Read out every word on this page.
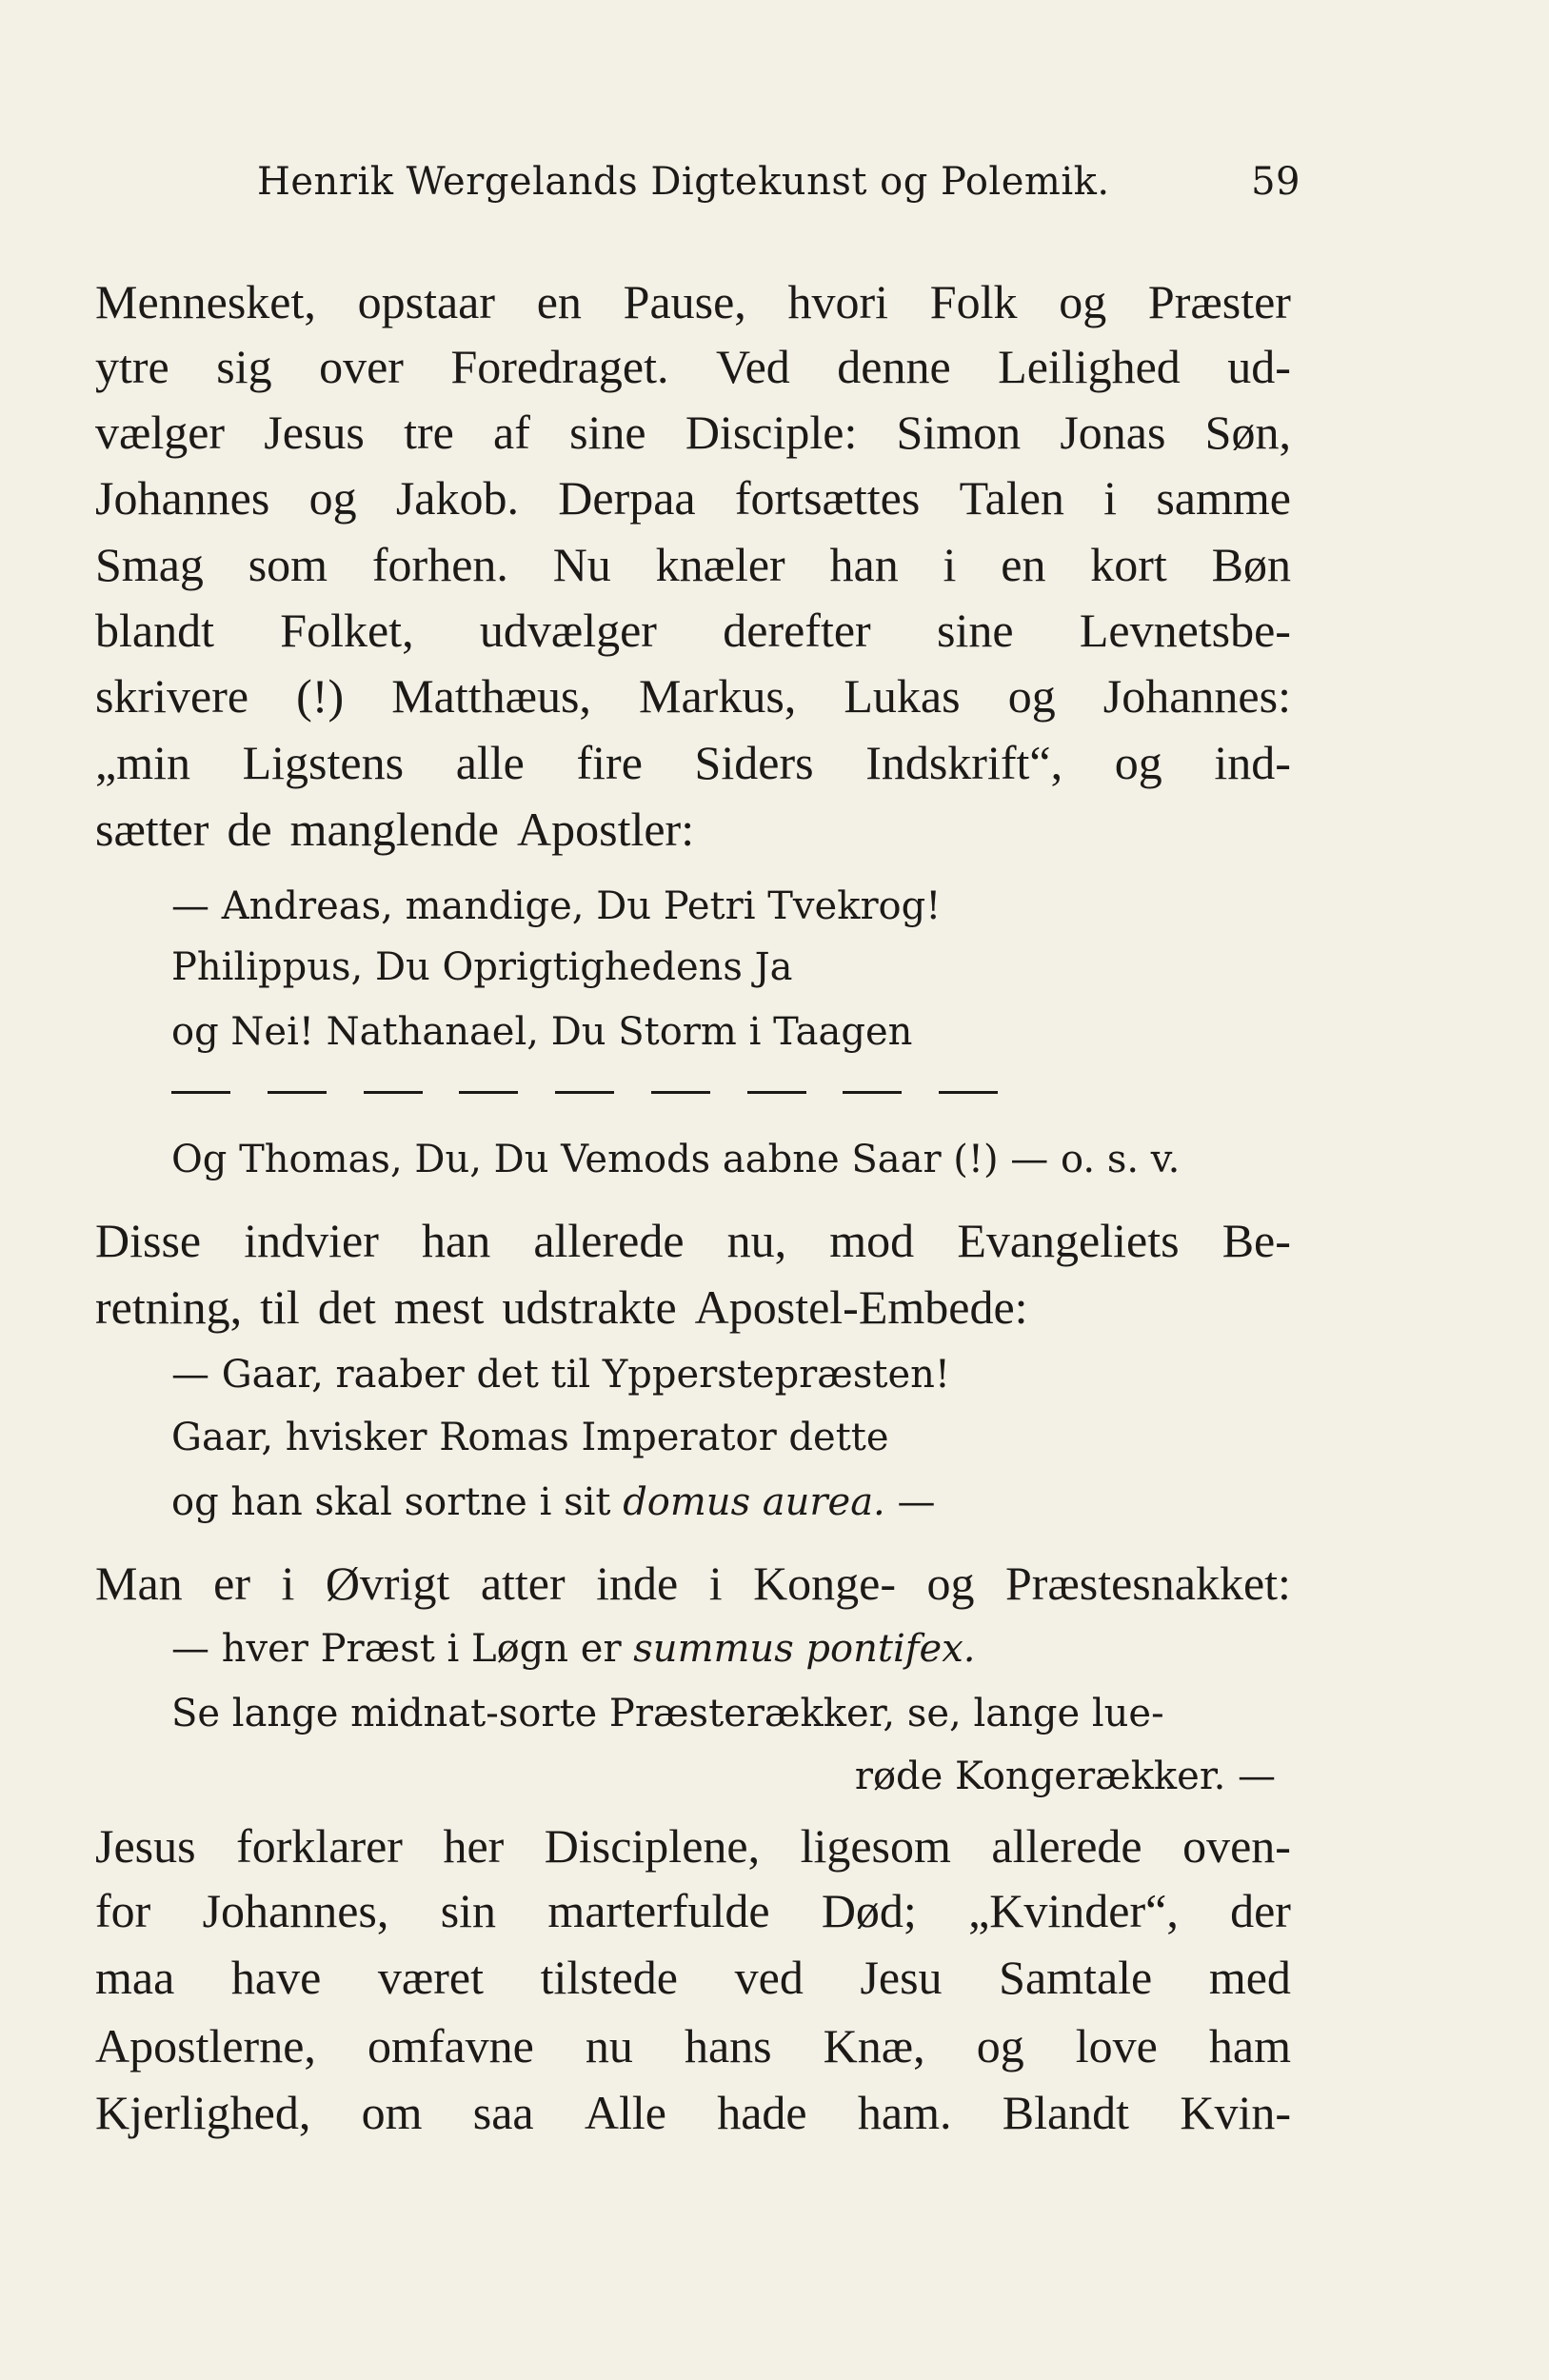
Henrik Wergelands Digtekunst og Polemik.	59
Mennesket, opstaar en Pause, hvori Folk og Præster
ytre sig over Foredraget. Ved denne Leilighed ud-
vælger Jesus tre af sine Disciple: Simon Jonas Søn,
Johannes og Jakob. Derpaa fortsættes Talen i samme
Smag som forhen. Nu knæler han i en kort Bøn
blandt Folket, udvælger derefter sine Levnetsbe-
skrivere (!) Matthæus, Markus, Lukas og Johannes:
„min Ligstens alle fire Siders Indskrift“, og ind-
sætter de manglende Apostler:
— Andreas, mandige, Du Petri Tvekrog!
Philippus, Du Oprigtighedens Ja
og Nei! Nathanael, Du Storm i Taagen
Og Thomas, Du, Du Vemods aabne Saar (!) — o. s. v.
Disse indvier han allerede nu, mod Evangeliets Be-
retning, til det mest udstrakte Apostel-Embede:
— Gaar, raaber det til Ypperstepræsten!
Gaar, hvisker Romas Imperator dette
og han skal sortne i sit domus aurea. —
Man er i Øvrigt atter inde i Konge- og Præstesnakket:
— hver Præst i Løgn er summus pontifex.
Se lange midnat-sorte Præsterækker, se, lange lue-
røde Kongerækker. —
Jesus forklarer her Disciplene, ligesom allerede oven-
for Johannes, sin marterfulde Død; „Kvinder“, der
maa have været tilstede ved Jesu Samtale med
Apostlerne, omfavne nu hans Knæ, og love ham
Kjerlighed, om saa Alle hade ham. Blandt Kvin-
